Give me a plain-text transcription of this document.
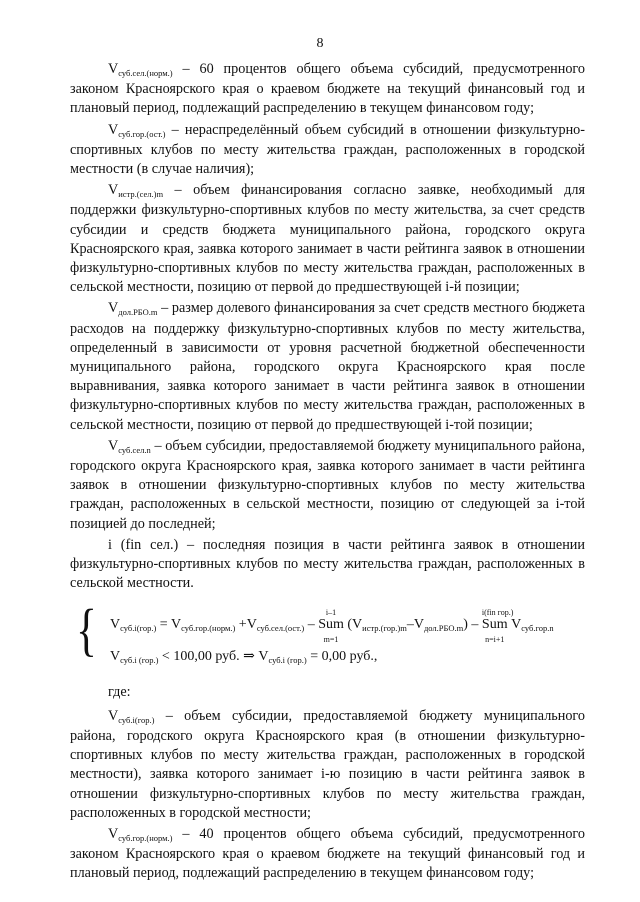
8

$V_{суб.сел.(норм.)} - 60$ процентов общего объема субсидий, предусмотренного законом Красноярского края о краевом бюджете на текущий финансовый год и плановый период, подлежащий распределению в текущем финансовом году;

$V_{суб.гор.(ост.)}$ – нераспределённый объем субсидий в отношении физкультурно-спортивных клубов по месту жительства граждан, расположенных в городской местности (в случае наличия);

$V_{истр.(сел.)m}$ – объем финансирования согласно заявке, необходимый для поддержки физкультурно-спортивных клубов по месту жительства, за счет средств субсидии и средств бюджета муниципального района, городского округа Красноярского края, заявка которого занимает в части рейтинга заявок в отношении физкультурно-спортивных клубов по месту жительства граждан, расположенных в сельской местности, позицию от первой до предшествующей i-й позиции;

$V_{дол.РБО.m}$ – размер долевого финансирования за счет средств местного бюджета расходов на поддержку физкультурно-спортивных клубов по месту жительства, определенный в зависимости от уровня расчетной бюджетной обеспеченности муниципального района, городского округа Красноярского края после выравнивания, заявка которого занимает в части рейтинга заявок в отношении физкультурно-спортивных клубов по месту жительства граждан, расположенных в сельской местности, позицию от первой до предшествующей i-той позиции;

$V_{суб.сел.n}$ – объем субсидии, предоставляемой бюджету муниципального района, городского округа Красноярского края, заявка которого занимает в части рейтинга заявок в отношении физкультурно-спортивных клубов по месту жительства граждан, расположенных в сельской местности, позицию от следующей за i-той позицией до последней;

i (fin сел.) – последняя позиция в части рейтинга заявок в отношении физкультурно-спортивных клубов по месту жительства граждан, расположенных в сельской местности.

{ $V_{суб.i(гор.)} = V_{суб.гор.(норм.)} +V_{суб.сел.(ост.)}$ –
i–1
Sum
m=1
$(V_{истр.(гор.)m}-V_{дол.РБО.m})$ –
i(fin гор.)
Sum
n=i+1
$V_{суб.гор.n}$
$V_{суб.i (гор.)} < 100,00$ руб. ⇒ $V_{суб.i (гор.)} = 0,00$ руб.,

где:

$V_{суб.i(гор.)}$ – объем субсидии, предоставляемой бюджету муниципального района, городского округа Красноярского края (в отношении физкультурно-спортивных клубов по месту жительства граждан, расположенных в городской местности), заявка которого занимает i-ю позицию в части рейтинга заявок в отношении физкультурно-спортивных клубов по месту жительства граждан, расположенных в городской местности;

$V_{суб.гор.(норм.)} - 40$ процентов общего объема субсидий, предусмотренного законом Красноярского края о краевом бюджете на текущий финансовый год и плановый период, подлежащий распределению в текущем финансовом году;
